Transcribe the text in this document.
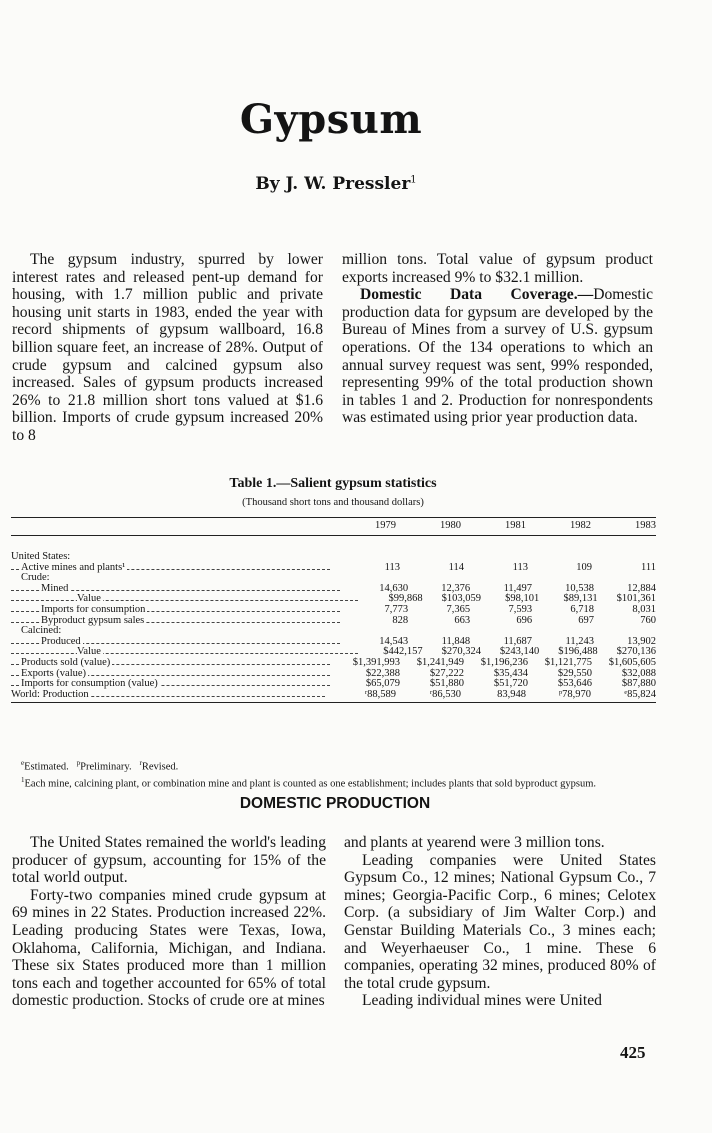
Gypsum
By J. W. Pressler$^1$

The gypsum industry, spurred by lower interest rates and released pent-up demand for housing, with 1.7 million public and private housing unit starts in 1983, ended the year with record shipments of gypsum wallboard, 16.8 billion square feet, an increase of 28%. Output of crude gypsum and calcined gypsum also increased. Sales of gypsum products increased 26% to 21.8 million short tons valued at $1.6 billion. Imports of crude gypsum increased 20% to 8

million tons. Total value of gypsum product exports increased 9% to $32.1 million.

Domestic Data Coverage.—Domestic production data for gypsum are developed by the Bureau of Mines from a survey of U.S. gypsum operations. Of the 134 operations to which an annual survey request was sent, 99% responded, representing 99% of the total production shown in tables 1 and 2. Production for nonrespondents was estimated using prior year production data.

Table 1.—Salient gypsum statistics
(Thousand short tons and thousand dollars)
1979	1980	1981	1982	1983
United States:
Active mines and plants¹	113	114	113	109	111
Crude:
Mined	14,630	12,376	11,497	10,538	12,884
Value	$99,868	$103,059	$98,101	$89,131	$101,361
Imports for consumption	7,773	7,365	7,593	6,718	8,031
Byproduct gypsum sales	828	663	696	697	760
Calcined:
Produced	14,543	11,848	11,687	11,243	13,902
Value	$442,157	$270,324	$243,140	$196,488	$270,136
Products sold (value)	$1,391,993	$1,241,949	$1,196,236	$1,121,775	$1,605,605
Exports (value)	$22,388	$27,222	$35,434	$29,550	$32,088
Imports for consumption (value)	$65,079	$51,880	$51,720	$53,646	$87,880
World: Production	ʳ88,589	ʳ86,530	83,948	ᵖ78,970	ᵉ85,824

$^e$Estimated. $^p$Preliminary. $^r$Revised.

$^1$Each mine, calcining plant, or combination mine and plant is counted as one establishment; includes plants that sold byproduct gypsum.

DOMESTIC PRODUCTION

The United States remained the world's leading producer of gypsum, accounting for 15% of the total world output.

Forty-two companies mined crude gypsum at 69 mines in 22 States. Production increased 22%. Leading producing States were Texas, Iowa, Oklahoma, California, Michigan, and Indiana. These six States produced more than 1 million tons each and together accounted for 65% of total domestic production. Stocks of crude ore at mines

and plants at yearend were 3 million tons.

Leading companies were United States Gypsum Co., 12 mines; National Gypsum Co., 7 mines; Georgia-Pacific Corp., 6 mines; Celotex Corp. (a subsidiary of Jim Walter Corp.) and Genstar Building Materials Co., 3 mines each; and Weyerhaeuser Co., 1 mine. These 6 companies, operating 32 mines, produced 80% of the total crude gypsum.

Leading individual mines were United

425
